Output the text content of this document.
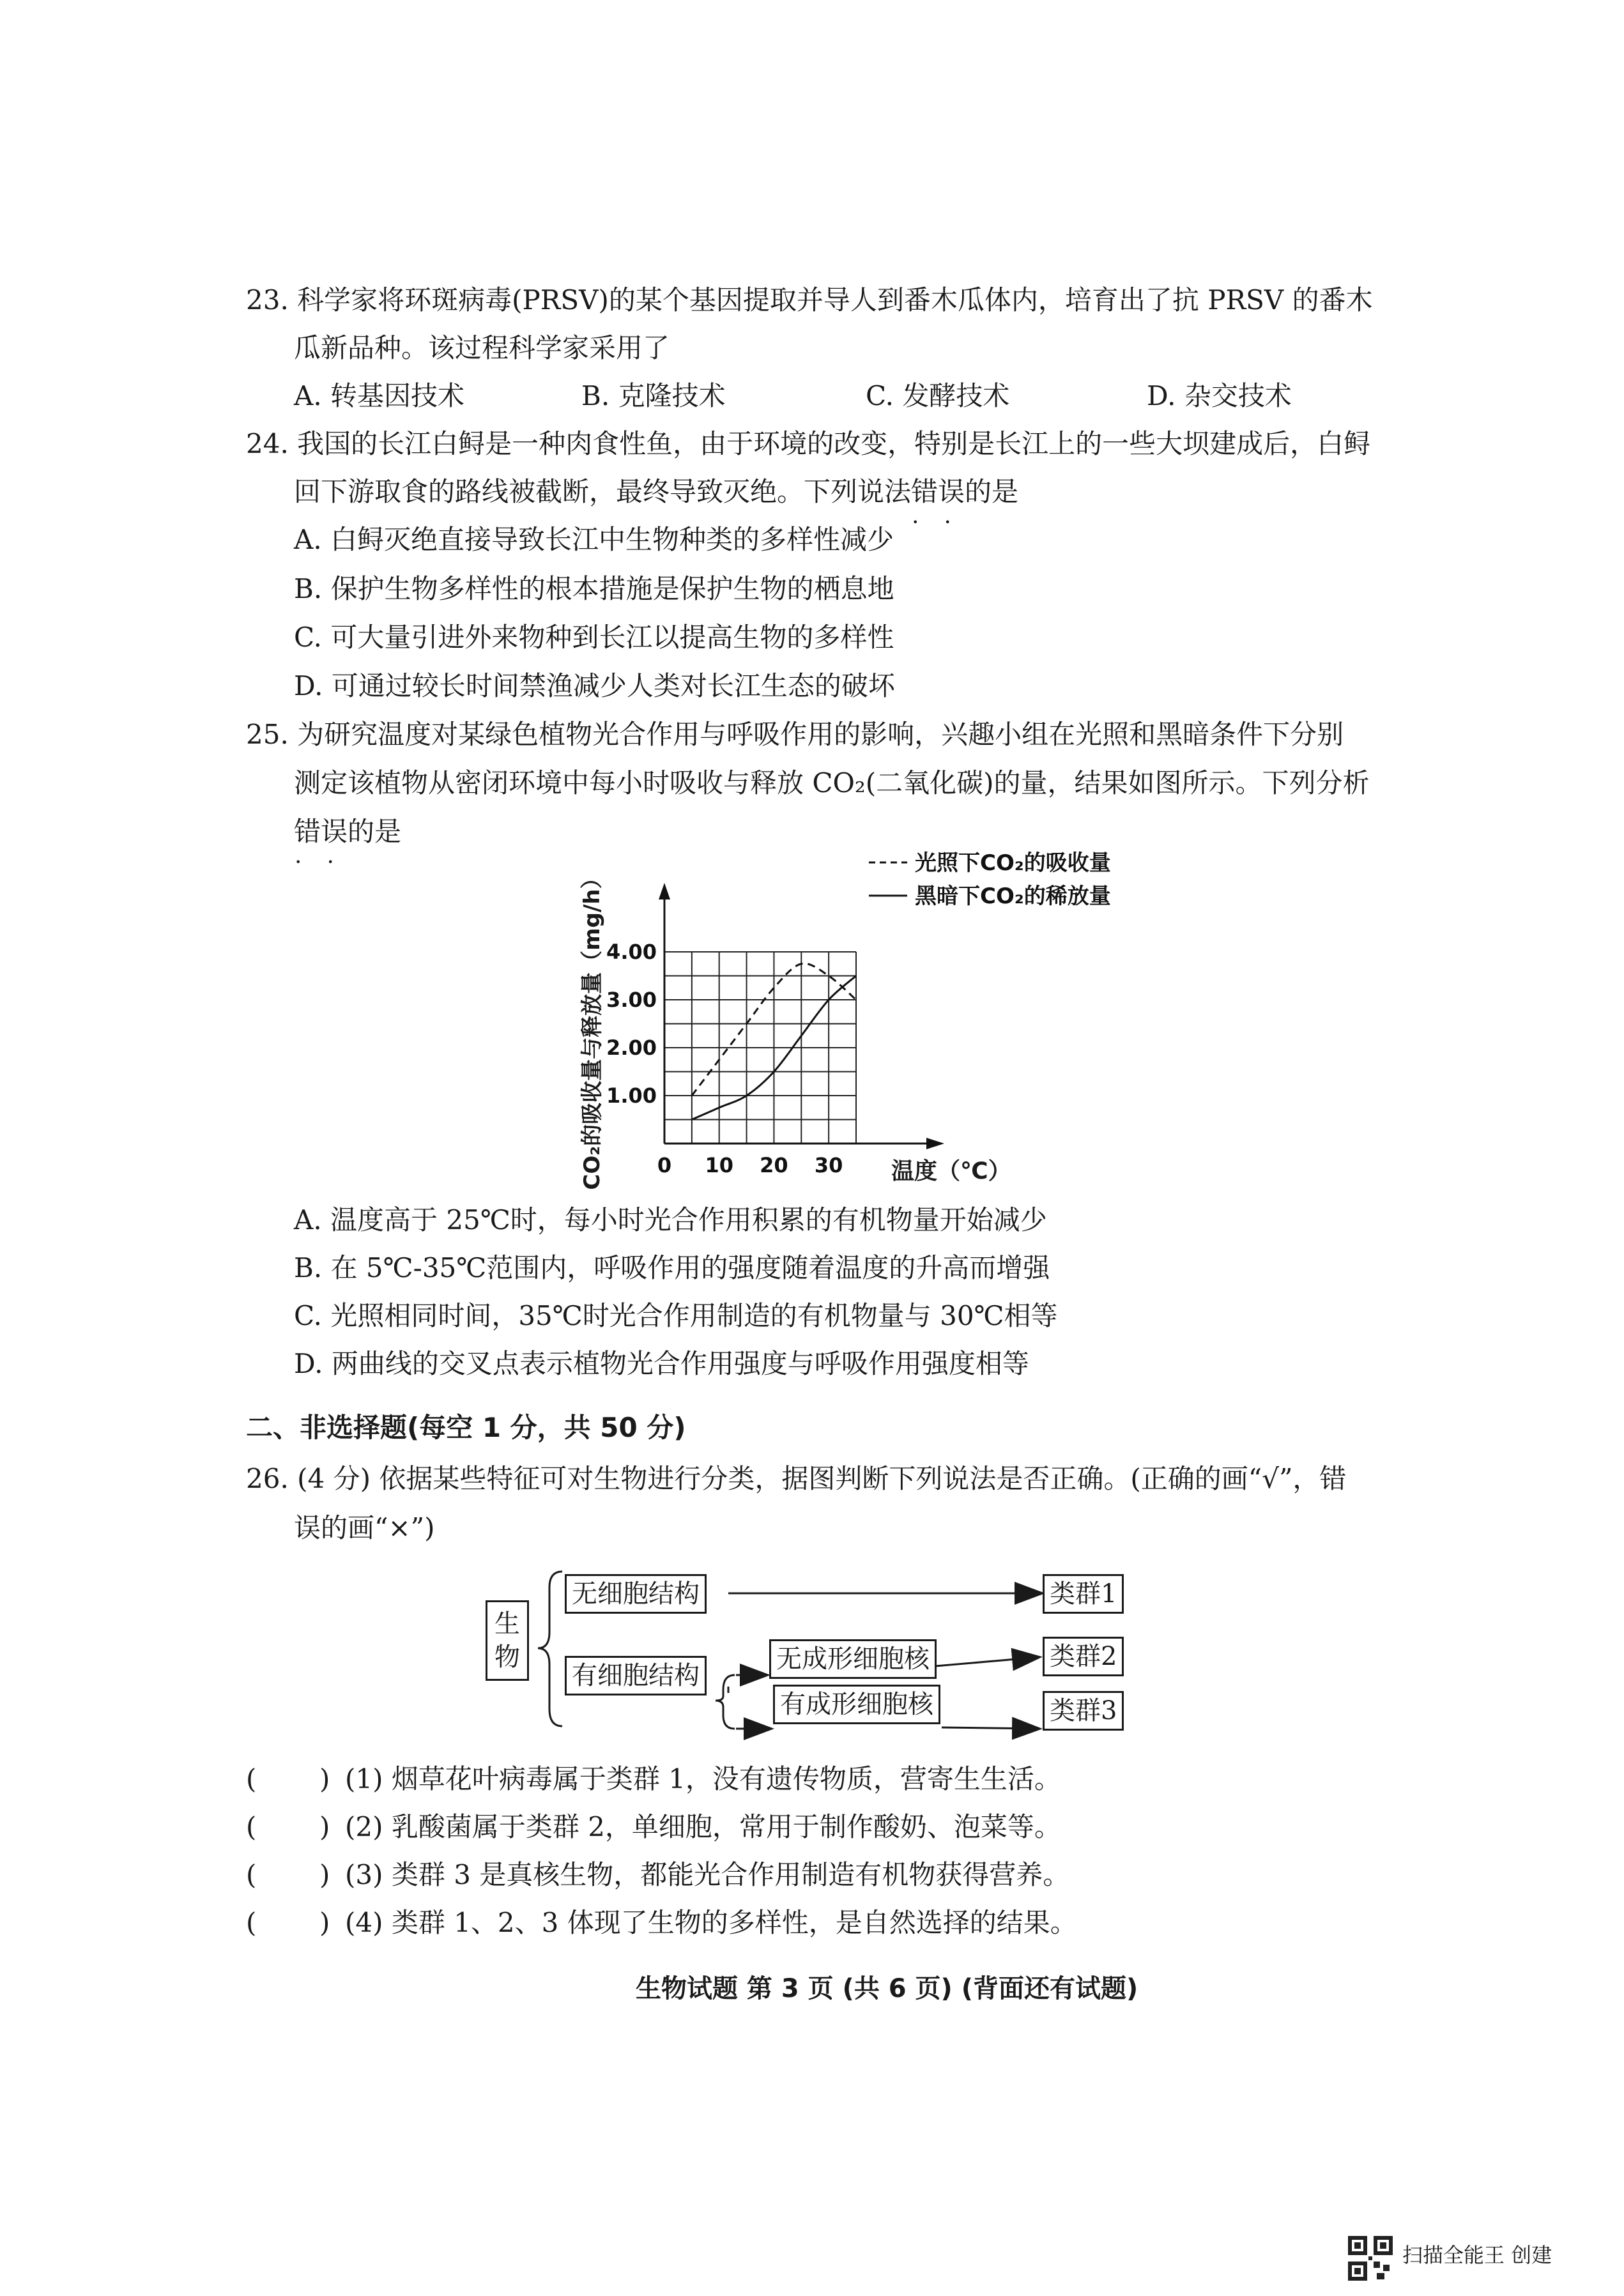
23. 科学家将环斑病毒(PRSV)的某个基因提取并导人到番木瓜体内，培育出了抗 PRSV 的番木
瓜新品种。该过程科学家采用了
A. 转基因技术	B. 克隆技术	C. 发酵技术	D. 杂交技术
24. 我国的长江白鲟是一种肉食性鱼，由于环境的改变，特别是长江上的一些大坝建成后，白鲟
回下游取食的路线被截断，最终导致灭绝。下列说法错误 • •的是
A. 白鲟灭绝直接导致长江中生物种类的多样性减少
B. 保护生物多样性的根本措施是保护生物的栖息地
C. 可大量引进外来物种到长江以提高生物的多样性
D. 可通过较长时间禁渔减少人类对长江生态的破坏
25. 为研究温度对某绿色植物光合作用与呼吸作用的影响，兴趣小组在光照和黑暗条件下分别
测定该植物从密闭环境中每小时吸收与释放 CO₂(二氧化碳)的量，结果如图所示。下列分析
错误 • •的是
0 10 20 30
1.00
2.00
3.00
4.00
光照下CO₂的吸收量
黑暗下CO₂的稀放量
CO₂的吸收量与释放量（mg/h）	温度（℃）
A. 温度高于 25℃时，每小时光合作用积累的有机物量开始减少
B. 在 5℃-35℃范围内，呼吸作用的强度随着温度的升高而增强
C. 光照相同时间，35℃时光合作用制造的有机物量与 30℃相等
D. 两曲线的交叉点表示植物光合作用强度与呼吸作用强度相等
二、非选择题(每空 1 分，共 50 分)
26. (4 分) 依据某些特征可对生物进行分类，据图判断下列说法是否正确。(正确的画“√”，错
误的画“×”)
生物
无细胞结构
有细胞结构
无成形细胞核
有成形细胞核
类群1
类群2
类群3
( ) (1) 烟草花叶病毒属于类群 1，没有遗传物质，营寄生生活。
( ) (2) 乳酸菌属于类群 2，单细胞，常用于制作酸奶、泡菜等。
( ) (3) 类群 3 是真核生物，都能光合作用制造有机物获得营养。
( ) (4) 类群 1、2、3 体现了生物的多样性，是自然选择的结果。
生物试题 第 3 页 (共 6 页) (背面还有试题)
扫描全能王 创建
